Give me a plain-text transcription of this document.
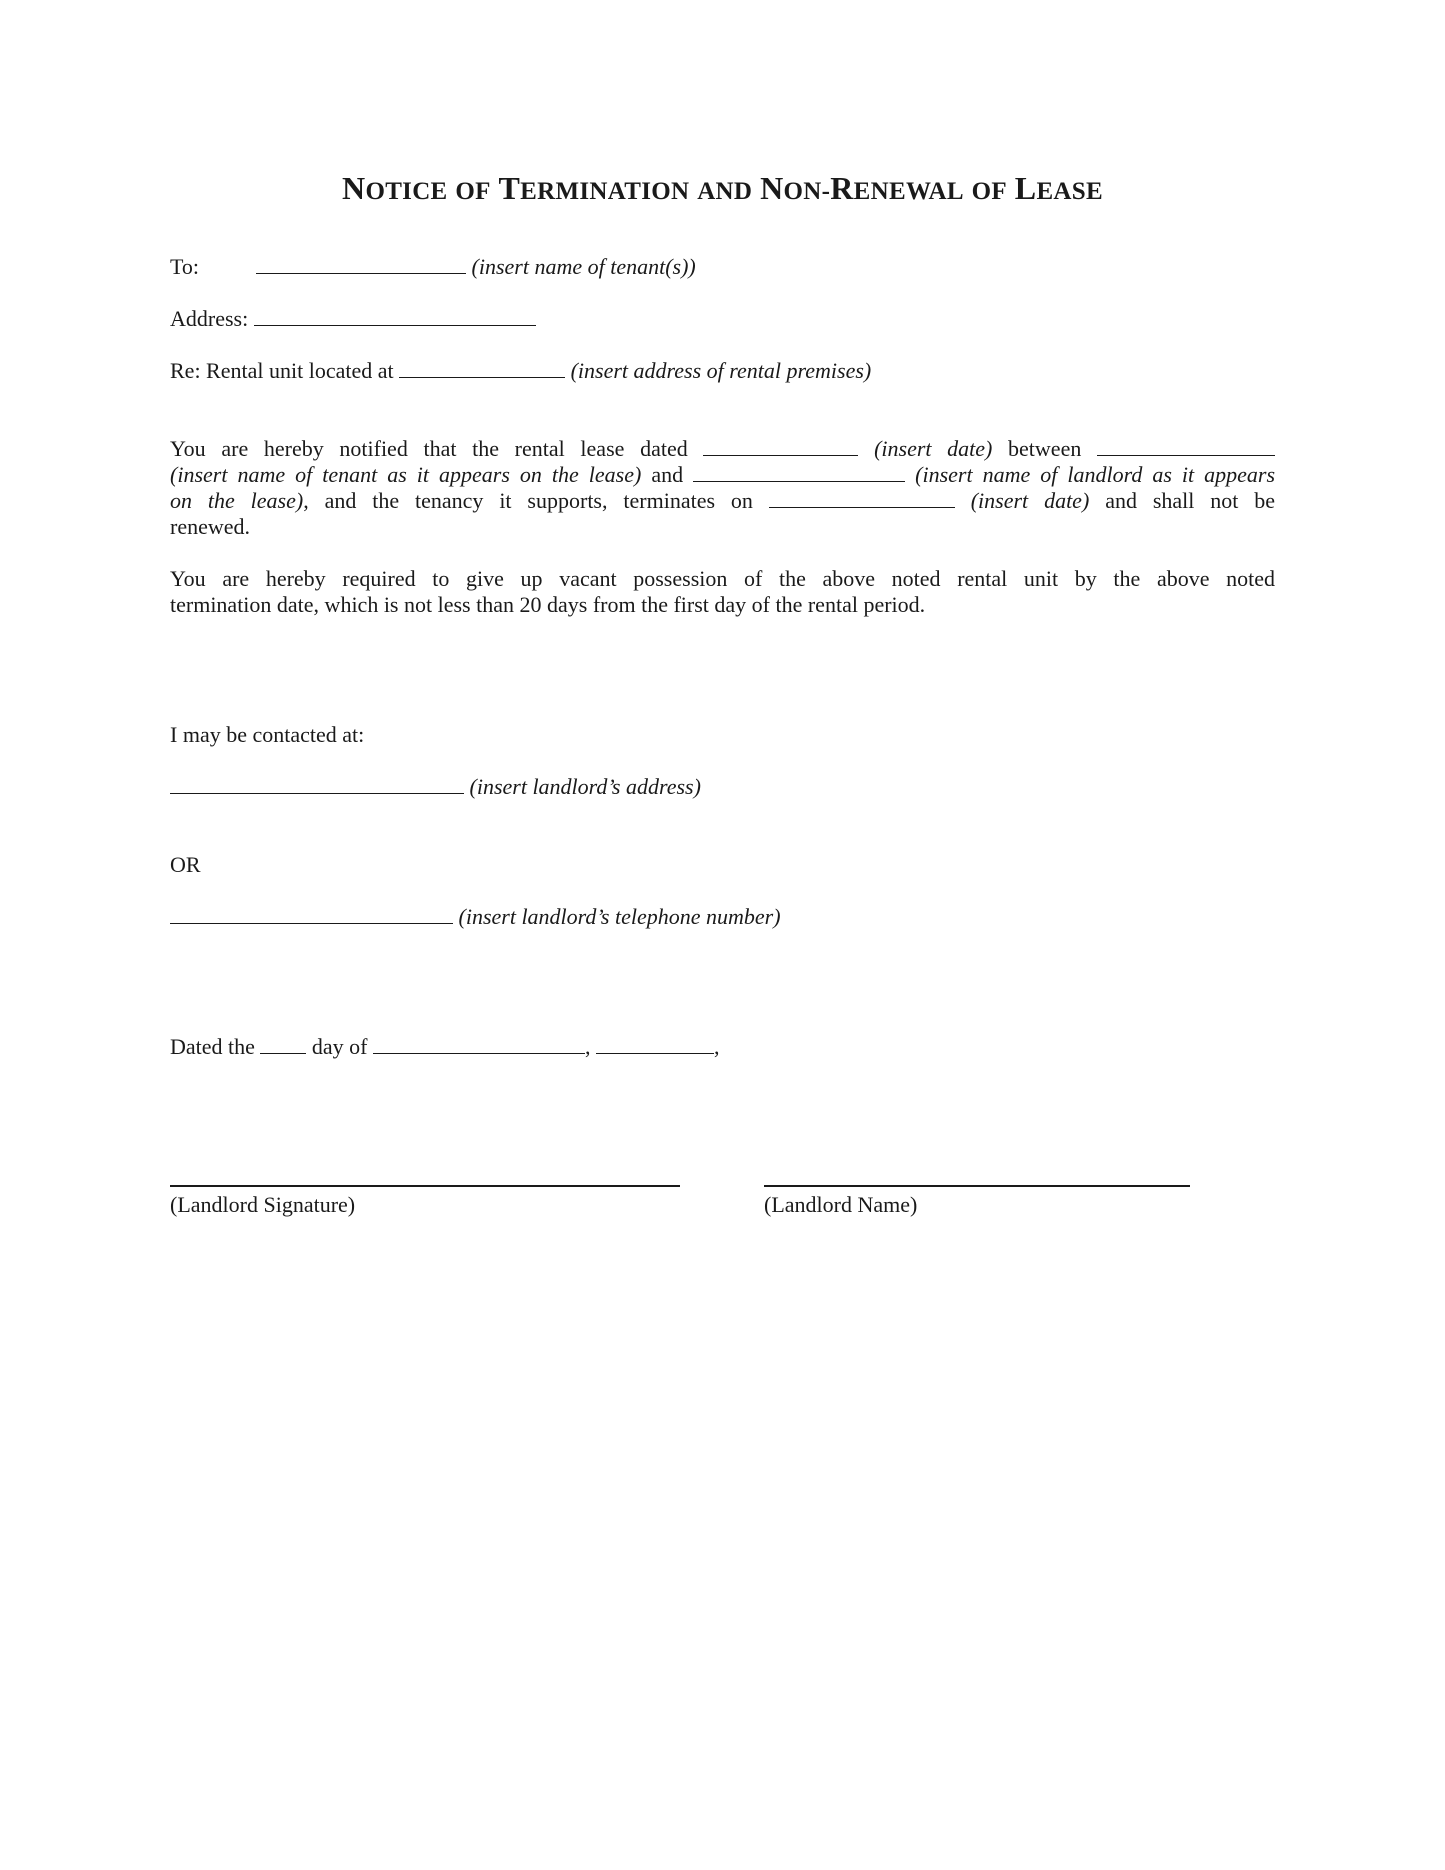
NOTICE OF TERMINATION AND NON-RENEWAL OF LEASE
To:	(insert name of tenant(s))
Address:
Re: Rental unit located at	(insert address of rental premises)
You are hereby notified that the rental lease dated	(insert date) between
(insert name of tenant as it appears on the lease) and	(insert name of landlord as it appears
on the lease), and the tenancy it supports, terminates on	(insert date) and shall not be
renewed.
You are hereby required to give up vacant possession of the above noted rental unit by the above noted
termination date, which is not less than 20 days from the first day of the rental period.
I may be contacted at:
(insert landlord’s address)
OR
(insert landlord’s telephone number)
Dated the	day of	,	,
(Landlord Signature)	(Landlord Name)
